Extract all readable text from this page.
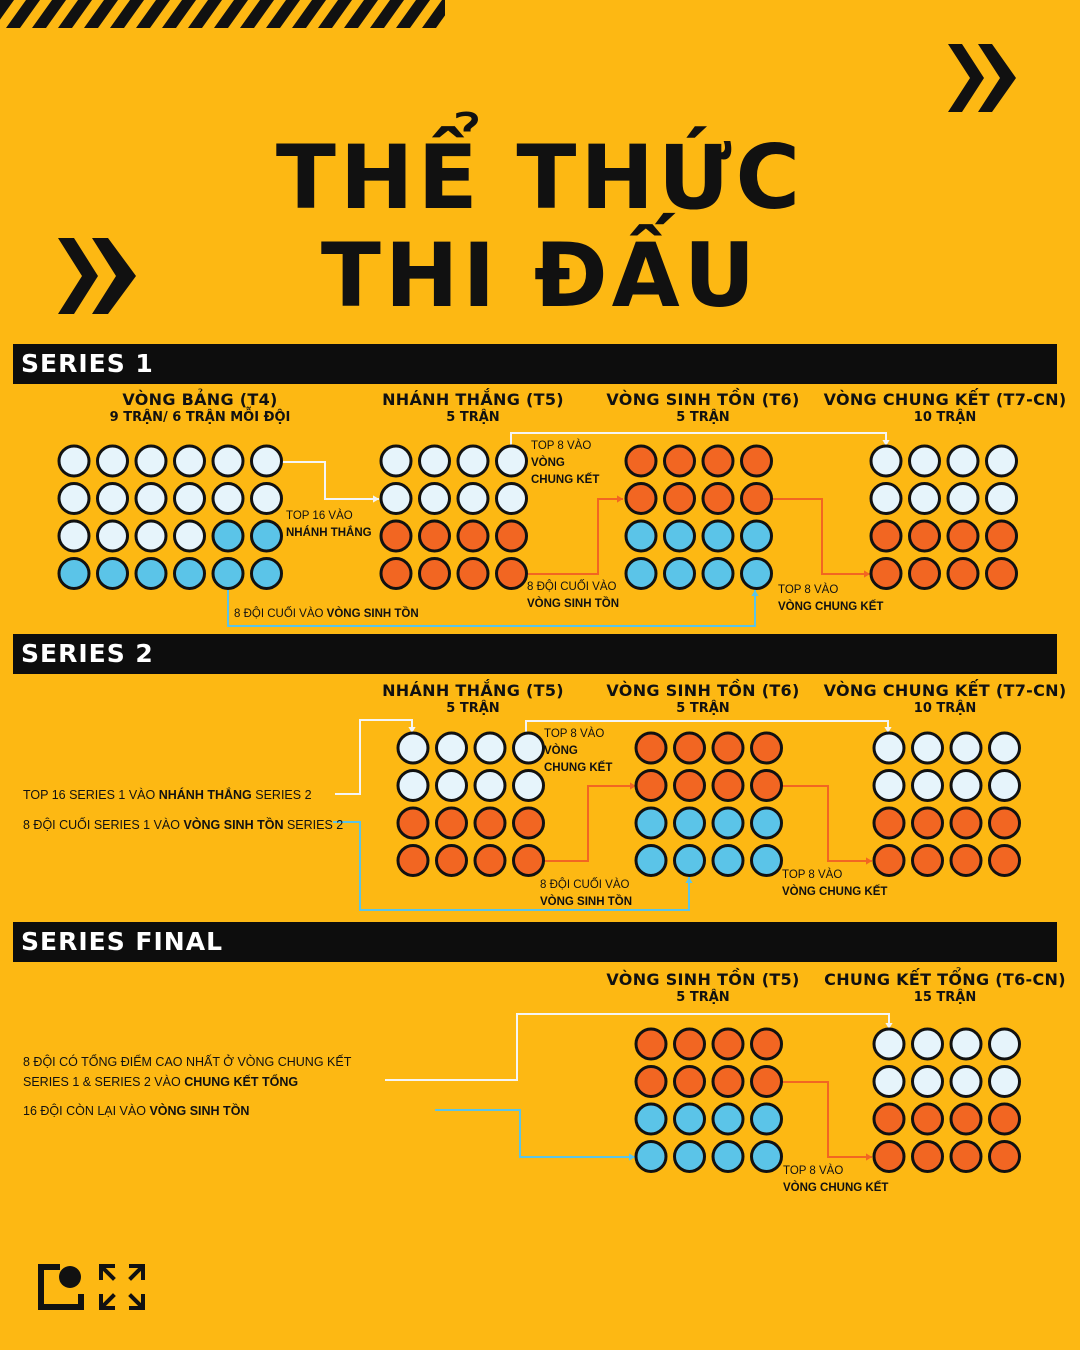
THỂ THỨC
THI ĐẤU
SERIES 1
VÒNG BẢNG (T4)
9 TRẬN/ 6 TRẬN MỖI ĐỘI
NHÁNH THẮNG (T5)
5 TRẬN
VÒNG SINH TỒN (T6)
5 TRẬN
VÒNG CHUNG KẾT (T7-CN)
10 TRẬN
SERIES 2
NHÁNH THẮNG (T5)
5 TRẬN
VÒNG SINH TỒN (T6)
5 TRẬN
VÒNG CHUNG KẾT (T7-CN)
10 TRẬN
SERIES FINAL
VÒNG SINH TỒN (T5)
5 TRẬN
CHUNG KẾT TỔNG (T6-CN)
15 TRẬN
TOP 16 VÀO
NHÁNH THẮNG
TOP 8 VÀO
VÒNG
CHUNG KẾT
8 ĐỘI CUỐI VÀO
VÒNG SINH TỒN
TOP 8 VÀO
VÒNG CHUNG KẾT
8 ĐỘI CUỐI VÀO VÒNG SINH TỒN
TOP 16 SERIES 1 VÀO NHÁNH THẮNG SERIES 2
8 ĐỘI CUỐI SERIES 1 VÀO VÒNG SINH TỒN SERIES 2
TOP 8 VÀO
VÒNG
CHUNG KẾT
8 ĐỘI CUỐI VÀO
VÒNG SINH TỒN
TOP 8 VÀO
VÒNG CHUNG KẾT
8 ĐỘI CÓ TỔNG ĐIỂM CAO NHẤT Ở VÒNG CHUNG KẾT
SERIES 1 & SERIES 2 VÀO CHUNG KẾT TỔNG
16 ĐỘI CÒN LẠI VÀO VÒNG SINH TỒN
TOP 8 VÀO
VÒNG CHUNG KẾT
